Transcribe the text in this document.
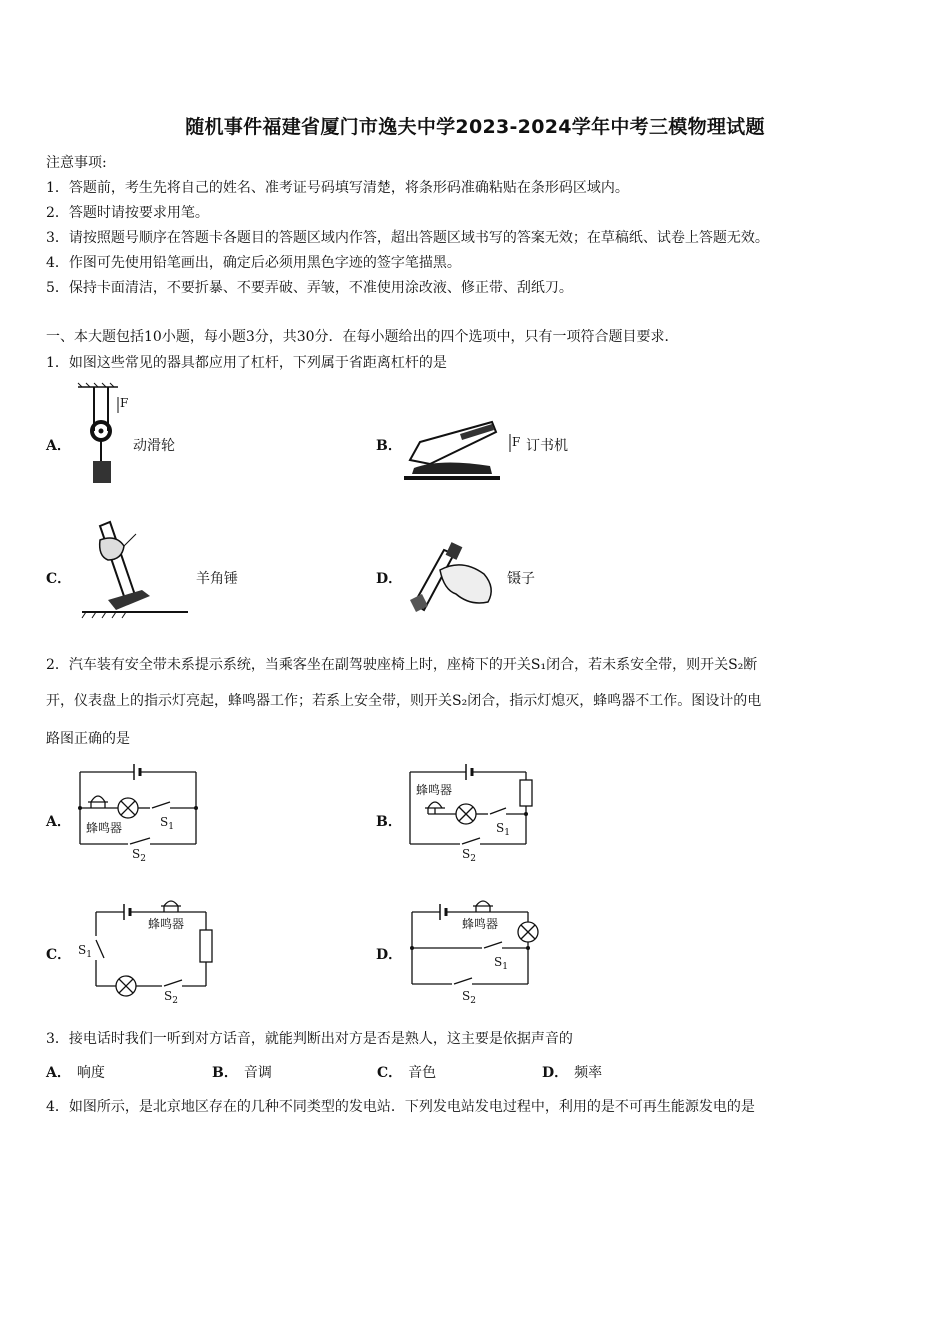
随机事件福建省厦门市逸夫中学2023-2024学年中考三模物理试题
注意事项:
1．答题前，考生先将自己的姓名、准考证号码填写清楚，将条形码准确粘贴在条形码区域内。
2．答题时请按要求用笔。
3．请按照题号顺序在答题卡各题目的答题区域内作答，超出答题区域书写的答案无效；在草稿纸、试卷上答题无效。
4．作图可先使用铅笔画出，确定后必须用黑色字迹的签字笔描黑。
5．保持卡面清洁，不要折暴、不要弄破、弄皱，不准使用涂改液、修正带、刮纸刀。
一、本大题包括10小题，每小题3分，共30分．在每小题给出的四个选项中，只有一项符合题目要求．
1．如图这些常见的器具都应用了杠杆，下列属于省距离杠杆的是
A．	动滑轮
F
B．	订书机
F
C．	羊角锤	D．	镊子
2．汽车装有安全带未系提示系统，当乘客坐在副驾驶座椅上时，座椅下的开关S₁闭合，若未系安全带，则开关S₂断
开，仪表盘上的指示灯亮起，蜂鸣器工作；若系上安全带，则开关S₂闭合，指示灯熄灭，蜂鸣器不工作。图设计的电
路图正确的是
A． 蜂鸣器	$S_1$
$S_2$
B．
蜂鸣器
$S_1$
$S_2$
C．
蜂鸣器
$S_1$
$S_2$
D．
蜂鸣器
$S_1$
$S_2$
3．接电话时我们一听到对方话音，就能判断出对方是否是熟人，这主要是依据声音的
A． 响度	B． 音调	C． 音色	D． 频率
4．如图所示，是北京地区存在的几种不同类型的发电站．下列发电站发电过程中，利用的是不可再生能源发电的是
